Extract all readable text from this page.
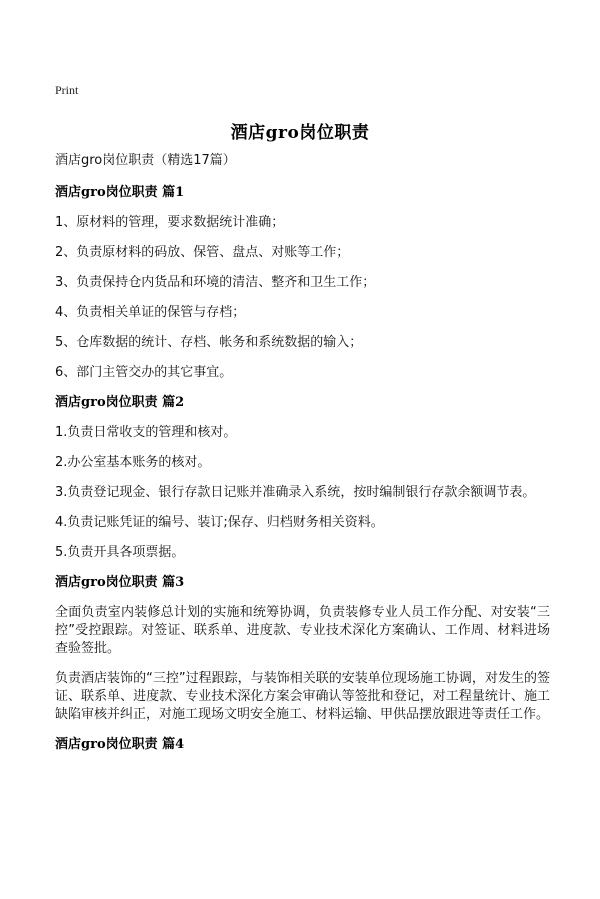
Print
酒店gro岗位职责
酒店gro岗位职责（精选17篇）
酒店gro岗位职责 篇1
1、原材料的管理，要求数据统计准确；
2、负责原材料的码放、保管、盘点、对账等工作；
3、负责保持仓内货品和环境的清洁、整齐和卫生工作；
4、负责相关单证的保管与存档；
5、仓库数据的统计、存档、帐务和系统数据的输入；
6、部门主管交办的其它事宜。
酒店gro岗位职责 篇2
1.负责日常收支的管理和核对。
2.办公室基本账务的核对。
3.负责登记现金、银行存款日记账并准确录入系统，按时编制银行存款余额调节表。
4.负责记账凭证的编号、装订;保存、归档财务相关资料。
5.负责开具各项票据。
酒店gro岗位职责 篇3
全面负责室内装修总计划的实施和统筹协调，负责装修专业人员工作分配、对安装“三控”受控跟踪。对签证、联系单、进度款、专业技术深化方案确认、工作周、材料进场查验签批。
负责酒店装饰的“三控”过程跟踪，与装饰相关联的安装单位现场施工协调，对发生的签证、联系单、进度款、专业技术深化方案会审确认等签批和登记，对工程量统计、施工缺陷审核并纠正，对施工现场文明安全施工、材料运输、甲供品摆放跟进等责任工作。
酒店gro岗位职责 篇4
